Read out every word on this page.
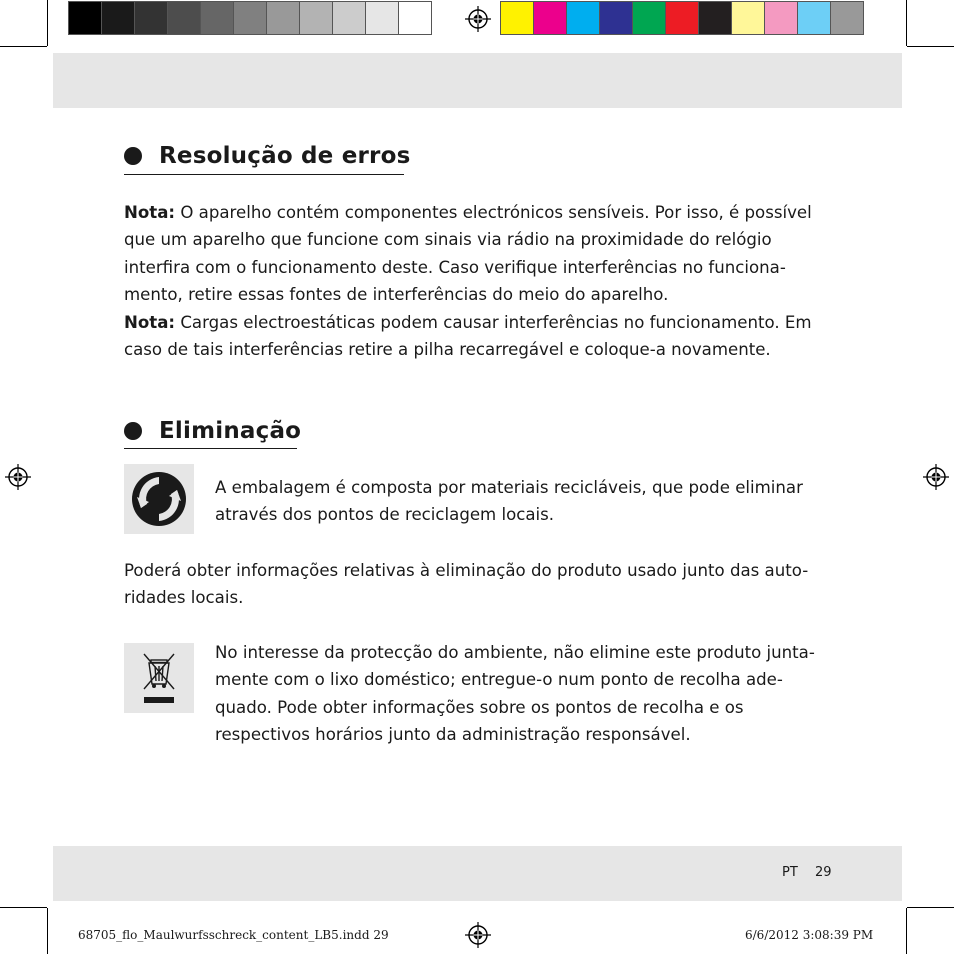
Resolução de erros
Nota: O aparelho contém componentes electrónicos sensíveis. Por isso, é possível
que um aparelho que funcione com sinais via rádio na proximidade do relógio
interfira com o funcionamento deste. Caso verifique interferências no funciona-
mento, retire essas fontes de interferências do meio do aparelho.
Nota: Cargas electroestáticas podem causar interferências no funcionamento. Em
caso de tais interferências retire a pilha recarregável e coloque-a novamente.
Eliminação
A embalagem é composta por materiais recicláveis, que pode eliminar
através dos pontos de reciclagem locais.
Poderá obter informações relativas à eliminação do produto usado junto das auto-
ridades locais.
No interesse da protecção do ambiente, não elimine este produto junta-
mente com o lixo doméstico; entregue-o num ponto de recolha ade-
quado. Pode obter informações sobre os pontos de recolha e os
respectivos horários junto da administração responsável.
PT 29
68705_flo_Maulwurfsschreck_content_LB5.indd 29	6/6/2012 3:08:39 PM
